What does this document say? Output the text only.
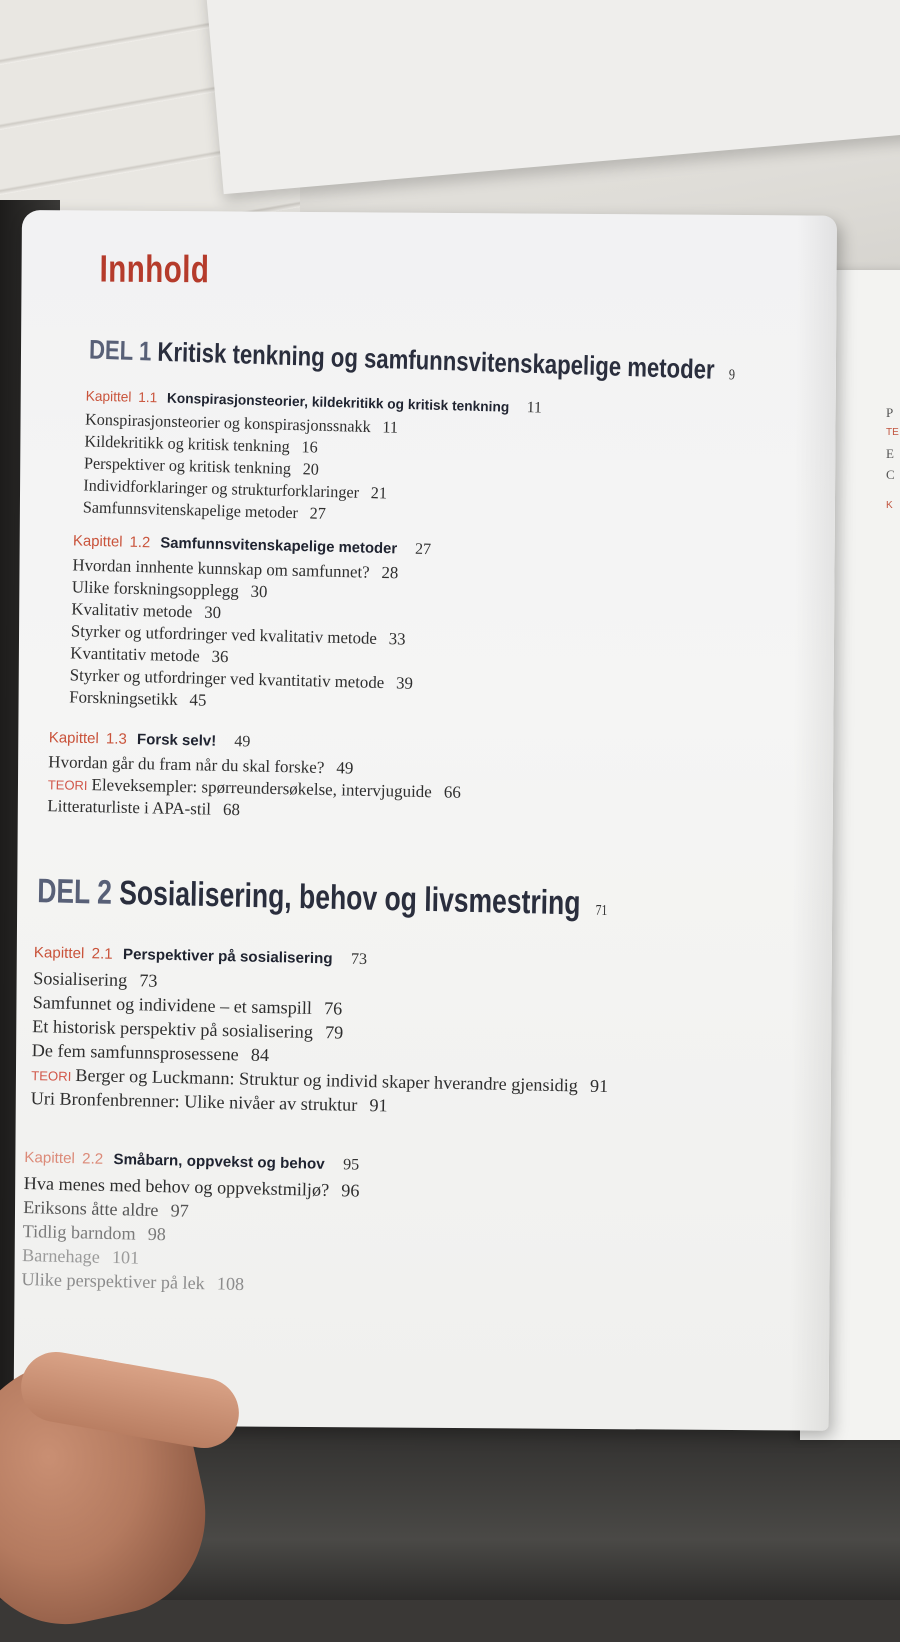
P
TE
E
C
K
Innhold
DEL 1 Kritisk tenkning og samfunnsvitenskapelige metoder 9
Kapittel 1.1 Konspirasjonsteorier, kildekritikk og kritisk tenkning 11
Konspirasjonsteorier og konspirasjonssnakk 11
Kildekritikk og kritisk tenkning 16
Perspektiver og kritisk tenkning 20
Individforklaringer og strukturforklaringer 21
Samfunnsvitenskapelige metoder 27
Kapittel 1.2 Samfunnsvitenskapelige metoder 27
Hvordan innhente kunnskap om samfunnet? 28
Ulike forskningsopplegg 30
Kvalitativ metode 30
Styrker og utfordringer ved kvalitativ metode 33
Kvantitativ metode 36
Styrker og utfordringer ved kvantitativ metode 39
Forskningsetikk 45
Kapittel 1.3 Forsk selv! 49
Hvordan går du fram når du skal forske? 49
TEORI Eleveksempler: spørreundersøkelse, intervjuguide 66
Litteraturliste i APA-stil 68
DEL 2 Sosialisering, behov og livsmestring 71
Kapittel 2.1 Perspektiver på sosialisering 73
Sosialisering 73
Samfunnet og individene – et samspill 76
Et historisk perspektiv på sosialisering 79
De fem samfunnsprosessene 84
TEORI Berger og Luckmann: Struktur og individ skaper hverandre gjensidig 91
Uri Bronfenbrenner: Ulike nivåer av struktur 91
Kapittel 2.2 Småbarn, oppvekst og behov 95
Hva menes med behov og oppvekstmiljø? 96
Eriksons åtte aldre 97
Tidlig barndom 98
Barnehage 101
Ulike perspektiver på lek 108
